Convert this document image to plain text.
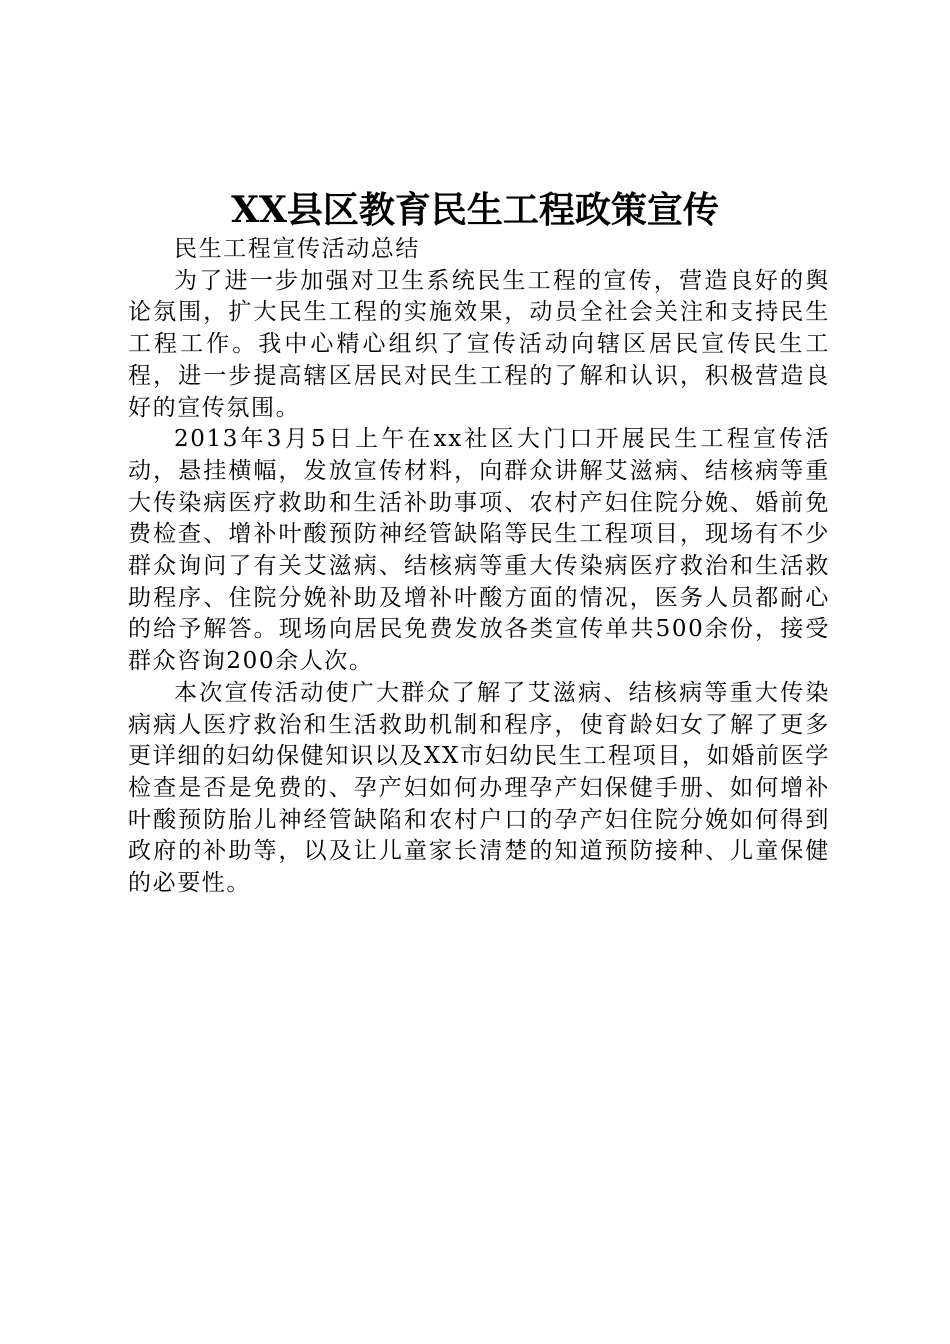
XX县区教育民生工程政策宣传

民生工程宣传活动总结

为了进一步加强对卫生系统民生工程的宣传，营造良好的舆论氛围，扩大民生工程的实施效果，动员全社会关注和支持民生工程工作。我中心精心组织了宣传活动向辖区居民宣传民生工程，进一步提高辖区居民对民生工程的了解和认识，积极营造良好的宣传氛围。

2013年3月5日上午在xx社区大门口开展民生工程宣传活动，悬挂横幅，发放宣传材料，向群众讲解艾滋病、结核病等重大传染病医疗救助和生活补助事项、农村产妇住院分娩、婚前免费检查、增补叶酸预防神经管缺陷等民生工程项目，现场有不少群众询问了有关艾滋病、结核病等重大传染病医疗救治和生活救助程序、住院分娩补助及增补叶酸方面的情况，医务人员都耐心的给予解答。现场向居民免费发放各类宣传单共500余份，接受群众咨询200余人次。

本次宣传活动使广大群众了解了艾滋病、结核病等重大传染病病人医疗救治和生活救助机制和程序，使育龄妇女了解了更多更详细的妇幼保健知识以及XX市妇幼民生工程项目，如婚前医学检查是否是免费的、孕产妇如何办理孕产妇保健手册、如何增补叶酸预防胎儿神经管缺陷和农村户口的孕产妇住院分娩如何得到政府的补助等，以及让儿童家长清楚的知道预防接种、儿童保健的必要性。
